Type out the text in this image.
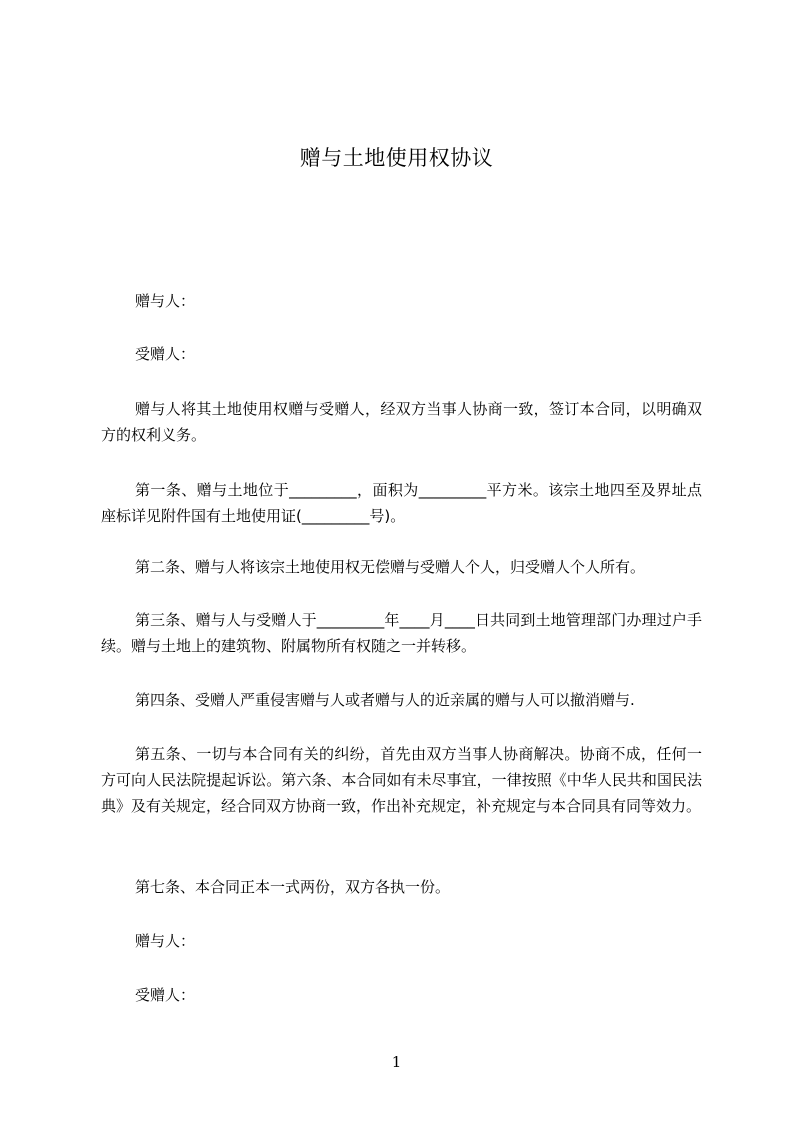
赠与土地使用权协议

赠与人：

受赠人：

赠与人将其土地使用权赠与受赠人，经双方当事人协商一致，签订本合同，以明确双方的权利义务。

第一条、赠与土地位于_________，面积为_________平方米。该宗土地四至及界址点座标详见附件国有土地使用证(_________号)。

第二条、赠与人将该宗土地使用权无偿赠与受赠人个人，归受赠人个人所有。

第三条、赠与人与受赠人于_________年____月____日共同到土地管理部门办理过户手续。赠与土地上的建筑物、附属物所有权随之一并转移。

第四条、受赠人严重侵害赠与人或者赠与人的近亲属的赠与人可以撤消赠与.

第五条、一切与本合同有关的纠纷，首先由双方当事人协商解决。协商不成，任何一方可向人民法院提起诉讼。第六条、本合同如有未尽事宜，一律按照《中华人民共和国民法典》及有关规定，经合同双方协商一致，作出补充规定，补充规定与本合同具有同等效力。

第七条、本合同正本一式两份，双方各执一份。

赠与人：

受赠人：

1
